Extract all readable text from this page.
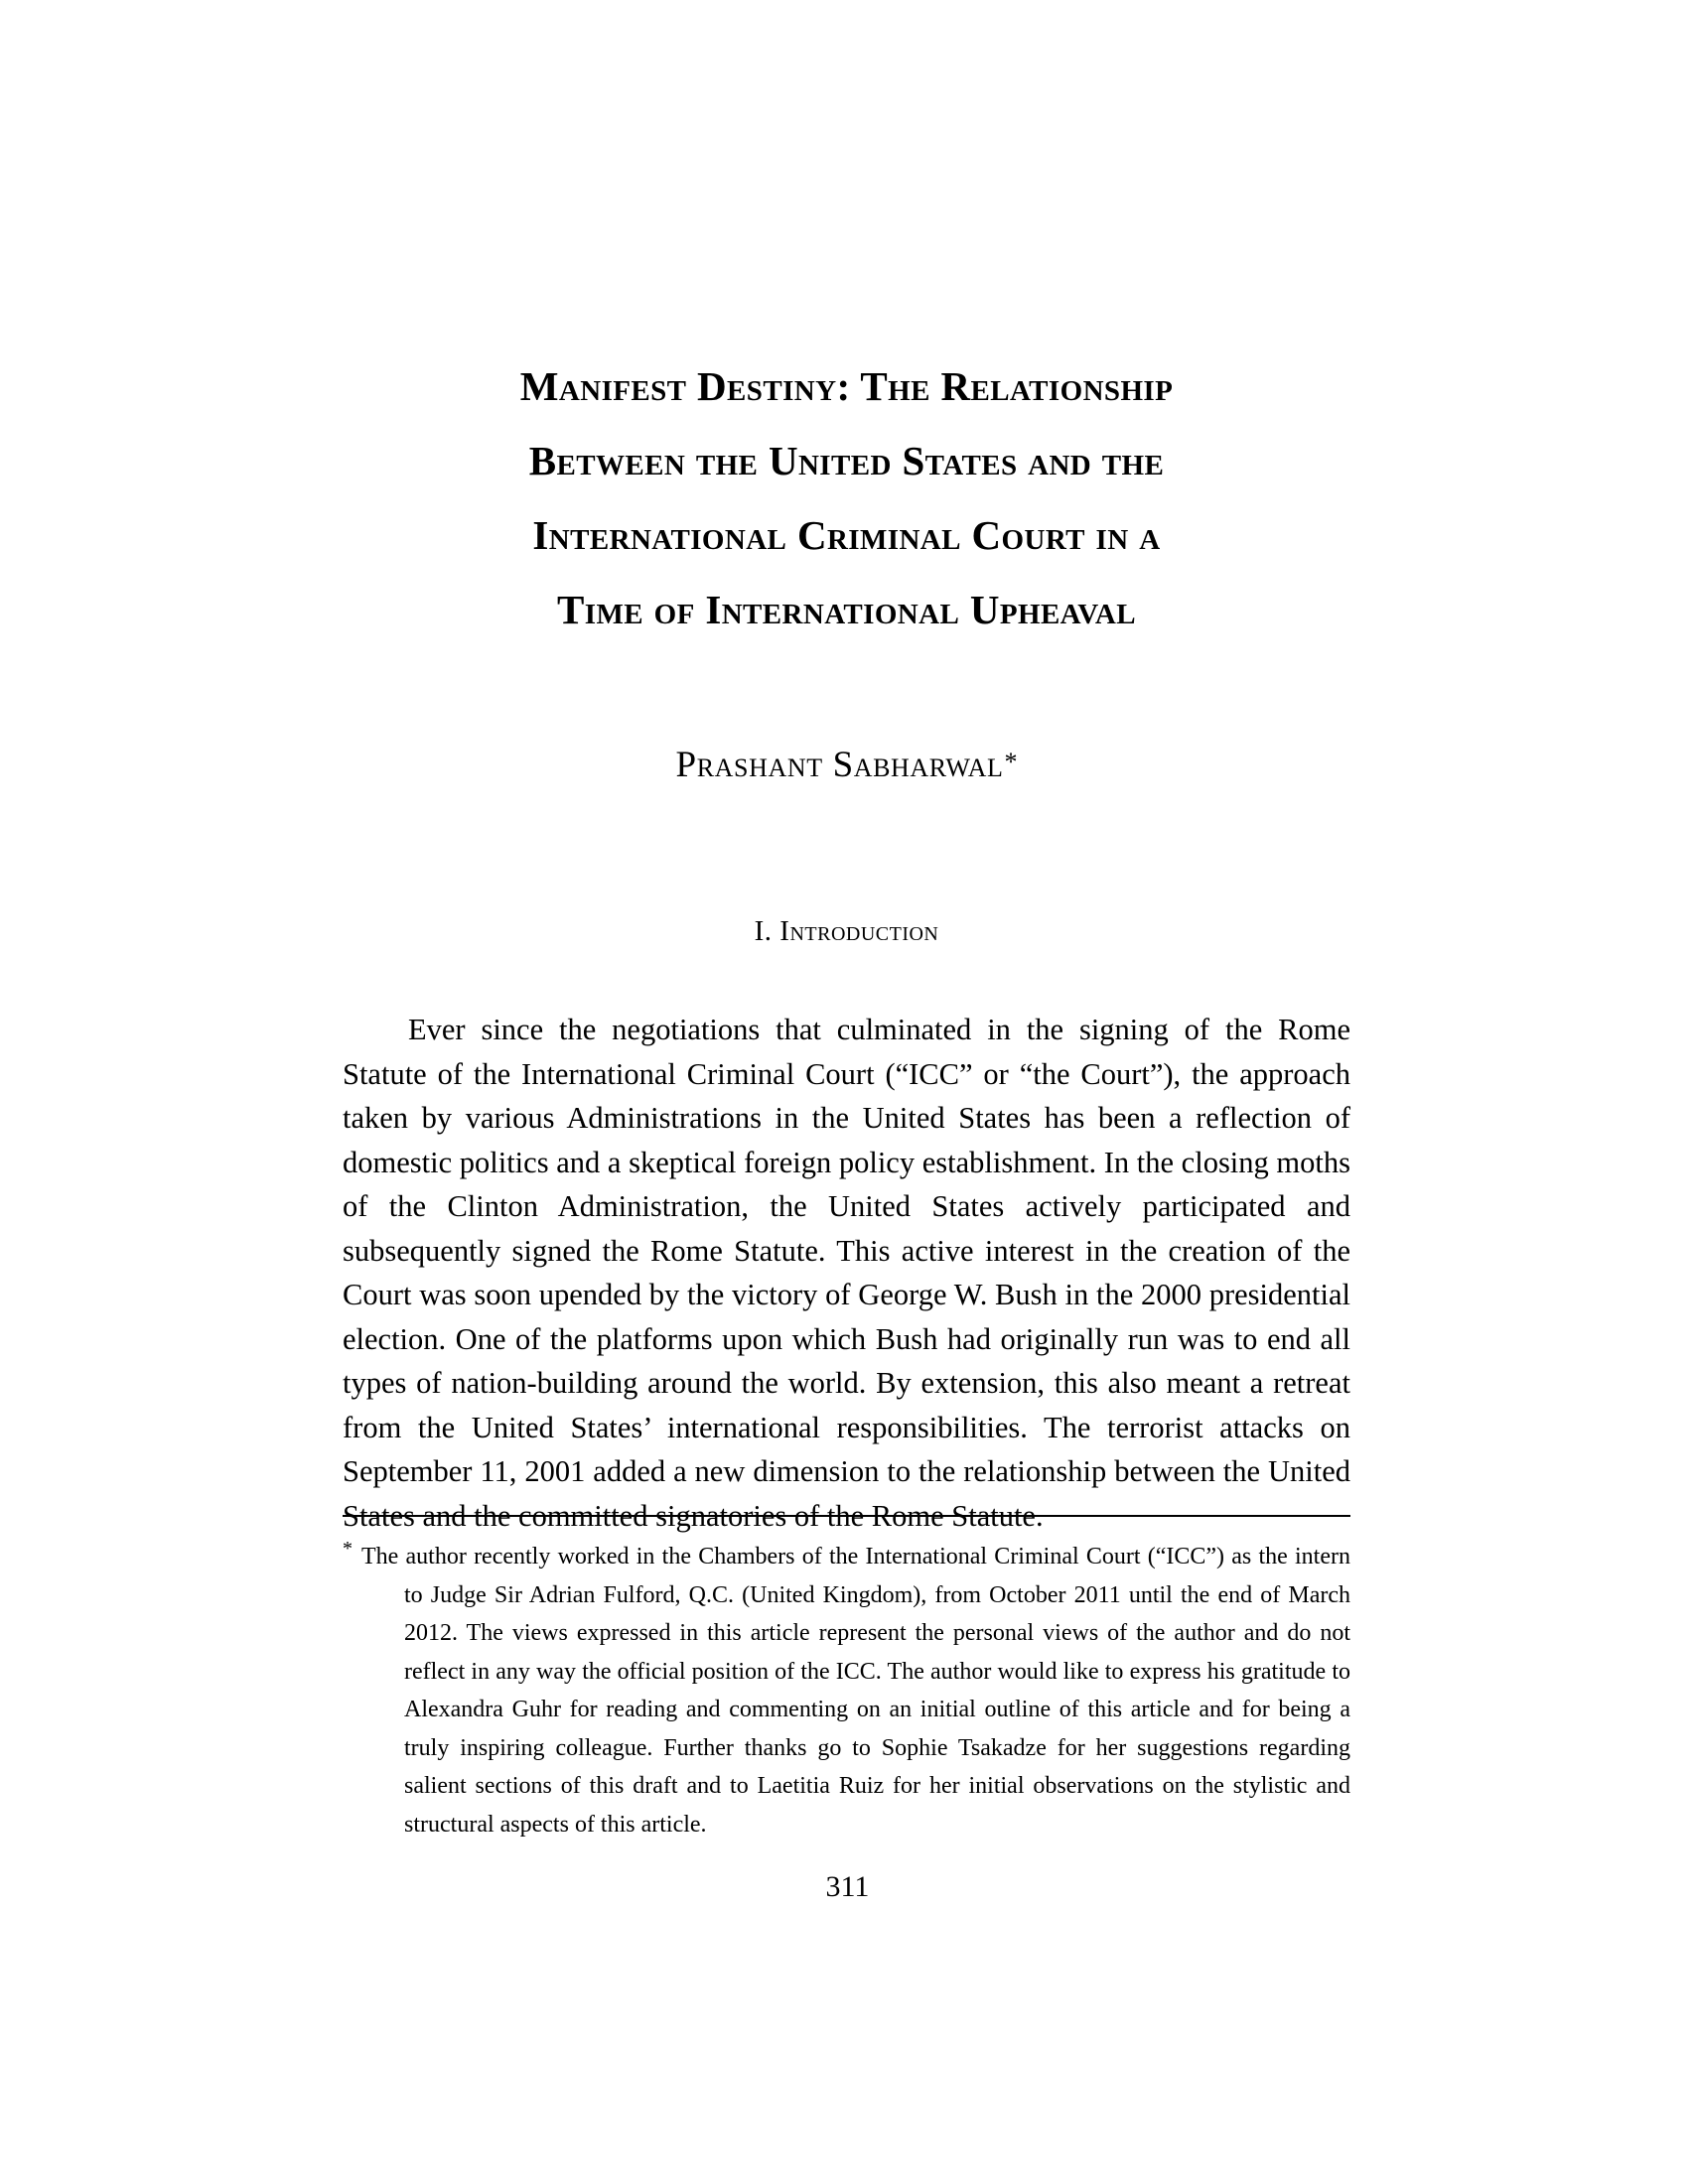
Manifest Destiny: The Relationship
Between the United States and the
International Criminal Court in a
Time of International Upheaval
Prashant Sabharwal*
I. Introduction

Ever since the negotiations that culminated in the signing of the Rome Statute of the International Criminal Court (“ICC” or “the Court”), the approach taken by various Administrations in the United States has been a reflection of domestic politics and a skeptical foreign policy establishment. In the closing moths of the Clinton Administration, the United States actively participated and subsequently signed the Rome Statute. This active interest in the creation of the Court was soon upended by the victory of George W. Bush in the 2000 presidential election. One of the platforms upon which Bush had originally run was to end all types of nation-building around the world. By extension, this also meant a retreat from the United States’ international responsibilities. The terrorist attacks on September 11, 2001 added a new dimension to the relationship between the United States and the committed signatories of the Rome Statute.

* The author recently worked in the Chambers of the International Criminal Court (“ICC”) as the intern to Judge Sir Adrian Fulford, Q.C. (United Kingdom), from October 2011 until the end of March 2012. The views expressed in this article represent the personal views of the author and do not reflect in any way the official position of the ICC. The author would like to express his gratitude to Alexandra Guhr for reading and commenting on an initial outline of this article and for being a truly inspiring colleague. Further thanks go to Sophie Tsakadze for her suggestions regarding salient sections of this draft and to Laetitia Ruiz for her initial observations on the stylistic and structural aspects of this article.

311
